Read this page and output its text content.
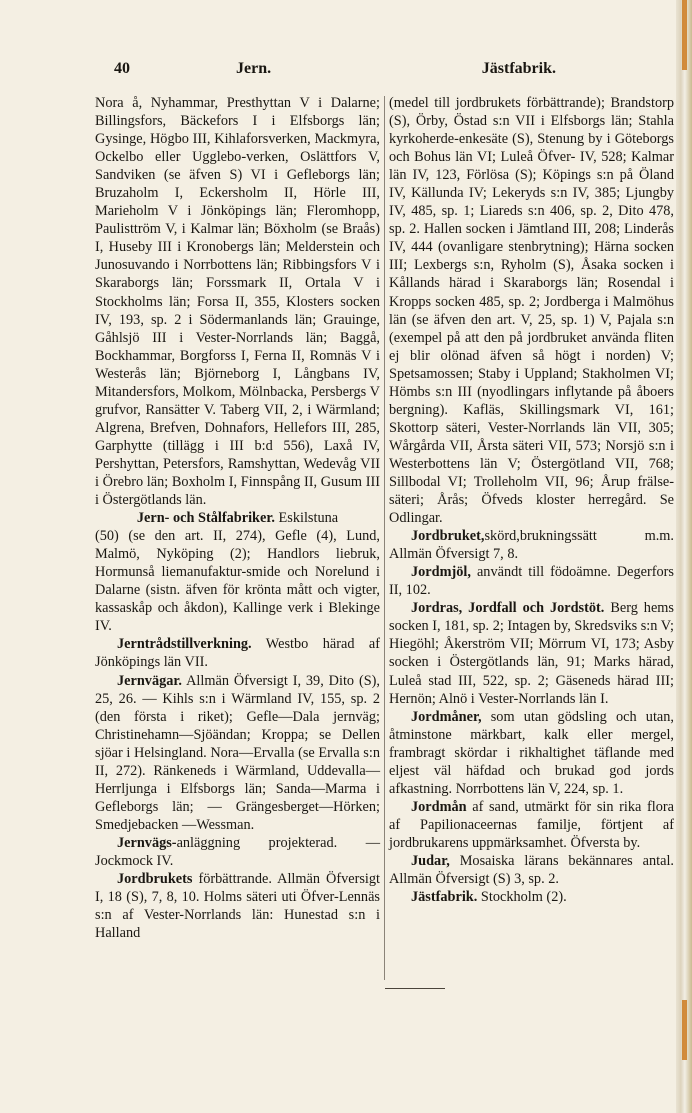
40	Jern.	Jästfabrik.

Nora å, Nyhammar, Presthyttan V i Dalarne; Billingsfors, Bäckefors I i Elfsborgs län; Gysinge, Högbo III, Kihlaforsverken, Mackmyra, Ockelbo eller Ugglebo-verken, Oslättfors V, Sandviken (se äfven S) VI i Gefleborgs län; Bruzaholm I, Eckersholm II, Hörle III, Marieholm V i Jönköpings län; Fleromhopp, Paulisttröm V, i Kalmar län; Böxholm (se Braås) I, Huseby III i Kronobergs län; Melderstein och Junosuvando i Norrbottens län; Ribbingsfors V i Skaraborgs län; Forssmark II, Ortala V i Stockholms län; Forsa II, 355, Klosters socken IV, 193, sp. 2 i Södermanlands län; Grauinge, Gåhlsjö III i Vester-Norrlands län; Baggå, Bockhammar, Borgforss I, Ferna II, Romnäs V i Westerås län; Björneborg I, Långbans IV, Mitandersfors, Molkom, Mölnbacka, Persbergs V grufvor, Ransätter V. Taberg VII, 2, i Wärmland; Algrena, Brefven, Dohnafors, Hellefors III, 285, Garphytte (tillägg i III b:d 556), Laxå IV, Pershyttan, Petersfors, Ramshyttan, Wedevåg VII i Örebro län; Boxholm I, Finnspång II, Gusum III i Östergötlands län.

Jern- och Stålfabriker. Eskilstuna

(50) (se den art. II, 274), Gefle (4), Lund, Malmö, Nyköping (2); Handlors liebruk, Hormunså liemanufaktur-smide och Norelund i Dalarne (sistn. äfven för krönta mått och vigter, kassaskåp och åkdon), Kallinge verk i Blekinge IV.

Jerntrådstillverkning. Westbo härad af Jönköpings län VII.

Jernvägar. Allmän Öfversigt I, 39, Dito (S), 25, 26. — Kihls s:n i Wärmland IV, 155, sp. 2 (den första i riket); Gefle—Dala jernväg; Christinehamn—Sjöändan; Kroppa; se Dellen sjöar i Helsingland. Nora—Ervalla (se Ervalla s:n II, 272). Ränkeneds i Wärmland, Uddevalla—Herrljunga i Elfsborgs län; Sanda—Marma i Gefleborgs län; — Grängesberget—Hörken; Smedjebacken —Wessman.

Jernvägs-anläggning projekterad. — Jockmock IV.

Jordbrukets förbättrande. Allmän Öfversigt I, 18 (S), 7, 8, 10. Holms säteri uti Öfver-Lennäs s:n af Vester-Norrlands län: Hunestad s:n i Halland

(medel till jordbrukets förbättrande); Brandstorp (S), Örby, Östad s:n VII i Elfsborgs län; Stahla kyrkoherde-enkesäte (S), Stenung by i Göteborgs och Bohus län VI; Luleå Öfver- IV, 528; Kalmar län IV, 123, Förlösa (S); Köpings s:n på Öland IV, Källunda IV; Lekeryds s:n IV, 385; Ljungby IV, 485, sp. 1; Liareds s:n 406, sp. 2, Dito 478, sp. 2. Hallen socken i Jämtland III, 208; Linderås IV, 444 (ovanligare stenbrytning); Härna socken III; Lexbergs s:n, Ryholm (S), Åsaka socken i Kållands härad i Skaraborgs län; Rosendal i Kropps socken 485, sp. 2; Jordberga i Malmöhus län (se äfven den art. V, 25, sp. 1) V, Pajala s:n (exempel på att den på jordbruket använda fliten ej blir olönad äfven så högt i norden) V; Spetsamossen; Staby i Uppland; Stakholmen VI; Hömbs s:n III (nyodlingars inflytande på åboers bergning). Kafläs, Skillingsmark VI, 161; Skottorp säteri, Vester-Norrlands län VII, 305; Wårgårda VII, Årsta säteri VII, 573; Norsjö s:n i Westerbottens län V; Östergötland VII, 768; Sillbodal VI; Trolleholm VII, 96; Årup frälse-säteri; Årås; Öfveds kloster herregård. Se Odlingar.

Jordbruket,skörd,brukningssätt m.m. Allmän Öfversigt 7, 8.

Jordmjöl, användt till födoämne. Degerfors II, 102.

Jordras, Jordfall och Jordstöt. Berg hems socken I, 181, sp. 2; Intagen by, Skredsviks s:n V; Hiegöhl; Åkerström VII; Mörrum VI, 173; Asby socken i Östergötlands län, 91; Marks härad, Luleå stad III, 522, sp. 2; Gäseneds härad III; Hernön; Alnö i Vester-Norrlands län I.

Jordmåner, som utan gödsling och utan, åtminstone märkbart, kalk eller mergel, frambragt skördar i rikhaltighet täflande med eljest väl häfdad och brukad god jords afkastning. Norrbottens län V, 224, sp. 1.

Jordmån af sand, utmärkt för sin rika flora af Papilionaceernas familje, förtjent af jordbrukarens uppmärksamhet. Öfversta by.

Judar, Mosaiska lärans bekännares antal. Allmän Öfversigt (S) 3, sp. 2.

Jästfabrik. Stockholm (2).
